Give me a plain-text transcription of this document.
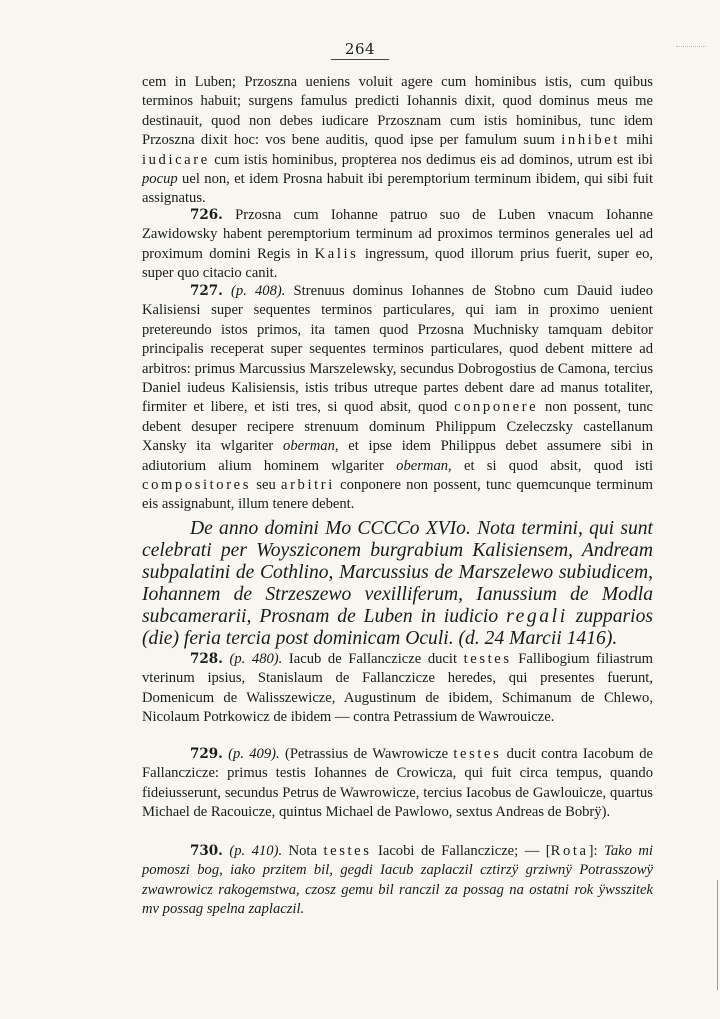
264

cem in Luben; Przoszna ueniens voluit agere cum hominibus istis, cum quibus terminos habuit; surgens famulus predicti Iohannis dixit, quod dominus meus me destinauit, quod non debes iudicare Przosznam cum istis hominibus, tunc idem Przoszna dixit hoc: vos bene auditis, quod ipse per famulum suum inhibet mihi iudicare cum istis hominibus, propterea nos dedimus eis ad dominos, utrum est ibi pocup uel non, et idem Prosna habuit ibi peremptorium terminum ibidem, qui sibi fuit assignatus.

726. Przosna cum Iohanne patruo suo de Luben vnacum Iohanne Zawidowsky habent peremptorium terminum ad proximos terminos generales uel ad proximum domini Regis in Kalis ingressum, quod illorum prius fuerit, super eo, super quo citacio canit.

727. (p. 408). Strenuus dominus Iohannes de Stobno cum Dauid iudeo Kalisiensi super sequentes terminos particulares, qui iam in proximo uenient pretereundo istos primos, ita tamen quod Przosna Muchnisky tamquam debitor principalis receperat super sequentes terminos particulares, quod debent mittere ad arbitros: primus Marcussius Marszelewsky, secundus Dobrogostius de Camona, tercius Daniel iudeus Kalisiensis, istis tribus utreque partes debent dare ad manus totaliter, firmiter et libere, et isti tres, si quod absit, quod conponere non possent, tunc debent desuper recipere strenuum dominum Philippum Czeleczsky castellanum Xansky ita wlgariter oberman, et ipse idem Philippus debet assumere sibi in adiutorium alium hominem wlgariter oberman, et si quod absit, quod isti compositores seu arbitri conponere non possent, tunc quemcunque terminum eis assignabunt, illum tenere debent.

De anno domini Mo CCCCo XVIo. Nota termini, qui sunt celebrati per Woysziconem burgrabium Kalisiensem, Andream subpalatini de Cothlino, Marcussius de Marszelewo subiudicem, Iohannem de Strzeszewo vexilliferum, Ianussium de Modla subcamerarii, Prosnam de Luben in iudicio regali zupparios (die) feria tercia post dominicam Oculi. (d. 24 Marcii 1416).

728. (p. 480). Iacub de Fallanczicze ducit testes Fallibogium filiastrum vterinum ipsius, Stanislaum de Fallanczicze heredes, qui presentes fuerunt, Domenicum de Walisszewicze, Augustinum de ibidem, Schimanum de Chlewo, Nicolaum Potrkowicz de ibidem — contra Petrassium de Wawrouicze.

729. (p. 409). (Petrassius de Wawrowicze testes ducit contra Iacobum de Fallanczicze: primus testis Iohannes de Crowicza, qui fuit circa tempus, quando fideiusserunt, secundus Petrus de Wawrowicze, tercius Iacobus de Gawlouicze, quartus Michael de Racouicze, quintus Michael de Pawlowo, sextus Andreas de Bobrÿ).

730. (p. 410). Nota testes Iacobi de Fallanczicze; — [Rota]: Tako mi pomoszi bog, iako przitem bil, gegdi Iacub zaplaczil cztirzÿ grziwnÿ Potrasszowÿ zwawrowicz rakogemstwa, czosz gemu bil ranczil za possag na ostatni rok ÿwsszitek mv possag spelna zaplaczil.
